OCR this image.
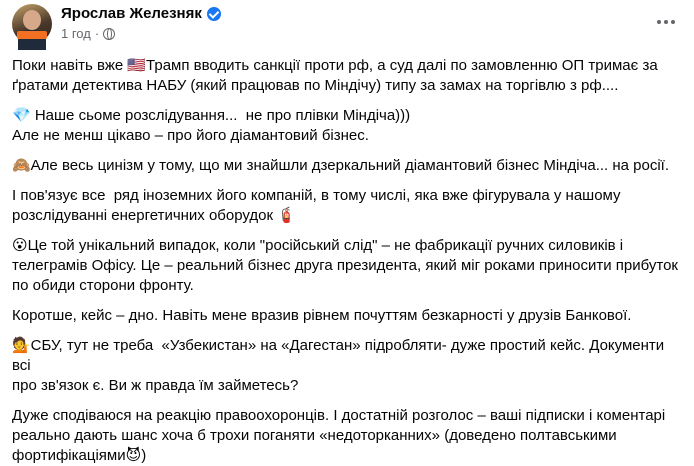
Ярослав Железняк
1 год ·
Поки навіть вже 🇺🇸Трамп вводить санкції проти рф, а суд далі по замовленню ОП тримає за
ґратами детектива НАБУ (який працював по Міндічу) типу за замах на торгівлю з рф....
💎 Наше сьоме розслідування...  не про плівки Міндіча)))
Але не менш цікаво – про його діамантовий бізнес.
🙈Але весь цинізм у тому, що ми знайшли дзеркальний діамантовий бізнес Міндіча... на росії.
І пов'язує все  ряд іноземних його компаній, в тому числі, яка вже фігурувала у нашому
розслідуванні енергетичних оборудок 🧯
😮Це той унікальний випадок, коли "російський слід" – не фабрикації ручних силовиків і
телеграмів Офісу. Це – реальний бізнес друга президента, який міг роками приносити прибуток
по обиди сторони фронту.
Коротше, кейс – дно. Навіть мене вразив рівнем почуттям безкарності у друзів Банкової.
💁СБУ, тут не треба  «Узбекистан» на «Дагестан» підробляти- дуже простий кейс. Документи всі
про зв'язок є. Ви ж правда їм займетесь?
Дуже сподіваюся на реакцію правоохоронців. І достатній розголос – ваші підписки і коментарі
реально дають шанс хоча б трохи поганяти «недоторканних» (доведено полтавськими
фортифікаціями😈)
